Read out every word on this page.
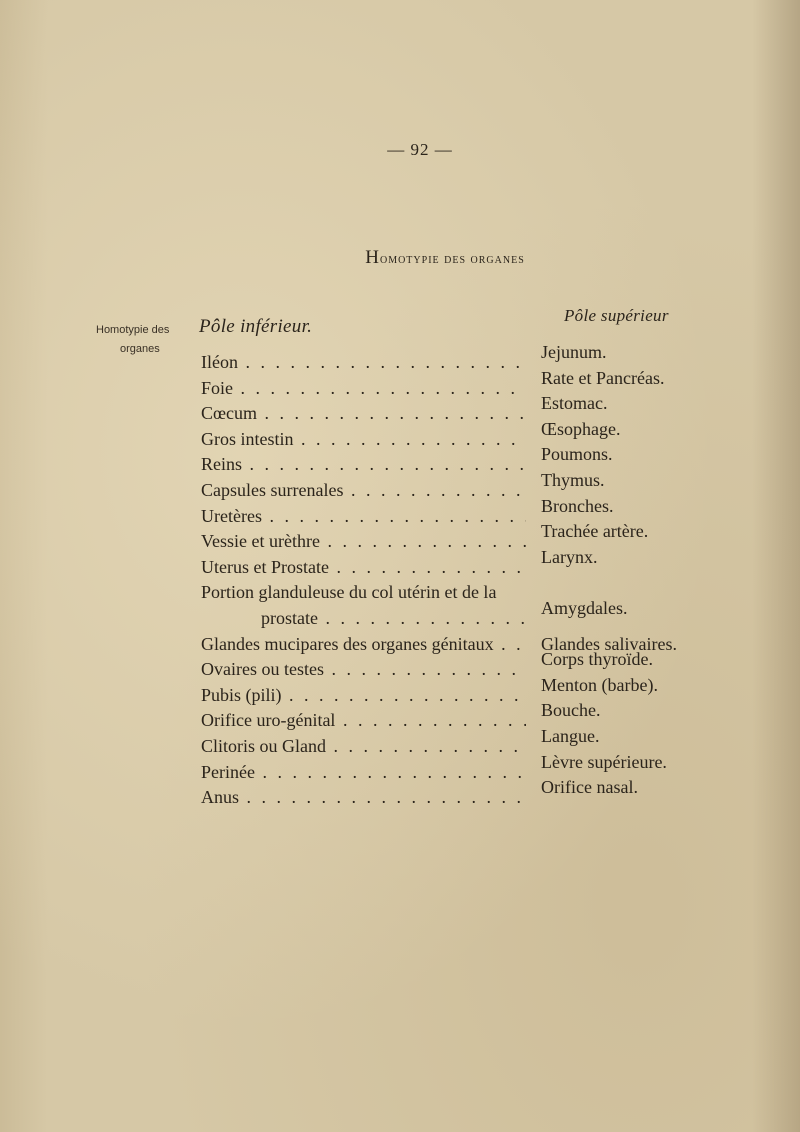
— 92 —
Homotypie des organes
Homotypie des
organes
Pôle inférieur.
Pôle supérieur
Iléon . . .	Jejunum.
Foie . . .	Rate et Pancréas.
Cœcum . . .	Estomac.
Gros intestin . . .	Œsophage.
Reins . . .	Poumons.
Capsules surrenales . . .	Thymus.
Uretères . . .	Bronches.
Vessie et urèthre . . .	Trachée artère.
Uterus et Prostate . . .	Larynx.
Portion glanduleuse du col utérin et de la
prostate . . .	Amygdales.
Glandes mucipares des organes génitaux . . .	Glandes salivaires.
Ovaires ou testes . . .	Corps thyroïde.
Pubis (pili) . . .	Menton (barbe).
Orifice uro-génital . . .	Bouche.
Clitoris ou Gland . . .	Langue.
Perinée . . .	Lèvre supérieure.
Anus . . .	Orifice nasal.
